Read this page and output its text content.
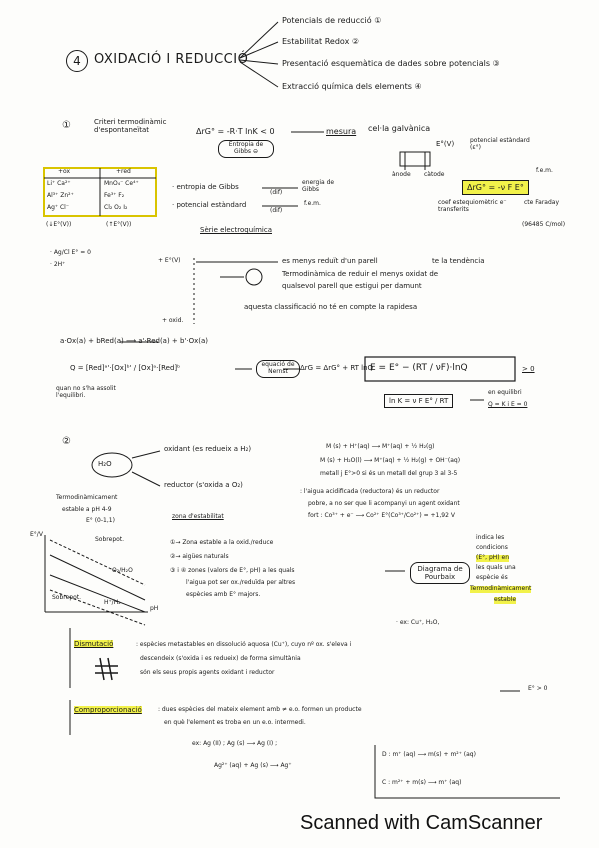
4	OXIDACIÓ I REDUCCIÓ
Potencials de reducció ①
Estabilitat Redox ②
Presentació esquemàtica de dades sobre potencials ③
Extracció química dels elements ④
①	Criteri termodinàmic d'espontaneïtat	ΔrG° = -R·T lnK < 0
Entropia de Gibbs ⊖
mesura cel·la galvànica
E°(V)	potencial estàndard (ε°)
ànode càtode
f.e.m.
ΔrG° = -ν F E°
coef estequiomètric e⁻ transferits
cte Faraday
(96485 C/mol)
+ox	+red
Li⁺ Ca²⁺	MnO₄⁻ Ce⁴⁺
Al³⁺ Zn²⁺	Fe³⁺ F₂
Ag⁺ Cl⁻	Cl₂ O₂ I₂
(↓E°(V))	(↑E°(V))
· entropia de Gibbs
(dif)
energia de Gibbs
· potencial estàndard
(dif)
f.e.m.
Sèrie electroquímica
· Ag/Cl E° = 0
· 2H⁺
+ E°(V)
+ oxid.
es menys reduït d'un parell	te la tendència
Termodinàmica de reduir el menys oxidat de
qualsevol parell que estigui per damunt
aquesta classificació no té en compte la rapidesa
a·Ox(a) + bRed(a) ⟶ a'·Red(a) + b'·Ox(a)
Q = [Red]ᵃ'·[Ox]ᵇ' / [Ox]ᵃ·[Red]ᵇ	equació de Nernst	ΔrG = ΔrG° + RT lnQ
E = E° − (RT / νF)·lnQ	> 0
ln K = ν F E° / RT
en equilibri
Q = K i E = 0
quan no s'ha assolit l'equilibri.
②
H₂O
oxidant (es redueix a H₂)
reductor (s'oxida a O₂)
M (s) + H⁺(aq) ⟶ M⁺(aq) + ½ H₂(g)
M (s) + H₂O(l) ⟶ M⁺(aq) + ½ H₂(g) + OH⁻(aq)
metall j E°>0 si és un metall del grup 3 al 3-5
Termodinàmicament
estable a pH 4-9
E° (0-1,1)
zona d'estabilitat
: l'aigua acidificada (reductora) és un reductor
pobre, a no ser que li acompanyi un agent oxidant
fort : Co³⁺ + e⁻ ⟶ Co²⁺ E°(Co³⁺/Co²⁺) = +1,92 V
E°/V
pH
Sobrepot.
Sobrepot.
O₂/H₂O
H⁺/H₂
①→ Zona estable a la oxid./reduce
②→ aigües naturals
③ i ④ zones (valors de E°, pH) a les quals
l'aigua pot ser ox./reduïda per altres
espècies amb E° majors.
Diagrama de Pourbaix
indica les
condicions
(E°, pH) en
les quals una
espècie és
Termodinàmicament
estable
· ex: Cu⁺, H₂O,
Dismutació	: espècies metastables en dissolució aquosa (Cu⁺), cuyo nº ox. s'eleva i
descendeix (s'oxida i es redueix) de forma simultània
són els seus propis agents oxidant i reductor
E° > 0
Comproporcionació	: dues espècies del mateix element amb ≠ e.o. formen un producte
en què l'element es troba en un e.o. intermedi.
ex: Ag (II) ; Ag (s) ⟶ Ag (I) ;
Ag²⁺ (aq) + Ag (s) ⟶ Ag⁺
D : m⁺ (aq) ⟶ m(s) + m²⁺ (aq)
C : m²⁺ + m(s) ⟶ m⁺ (aq)
Scanned with CamScanner
